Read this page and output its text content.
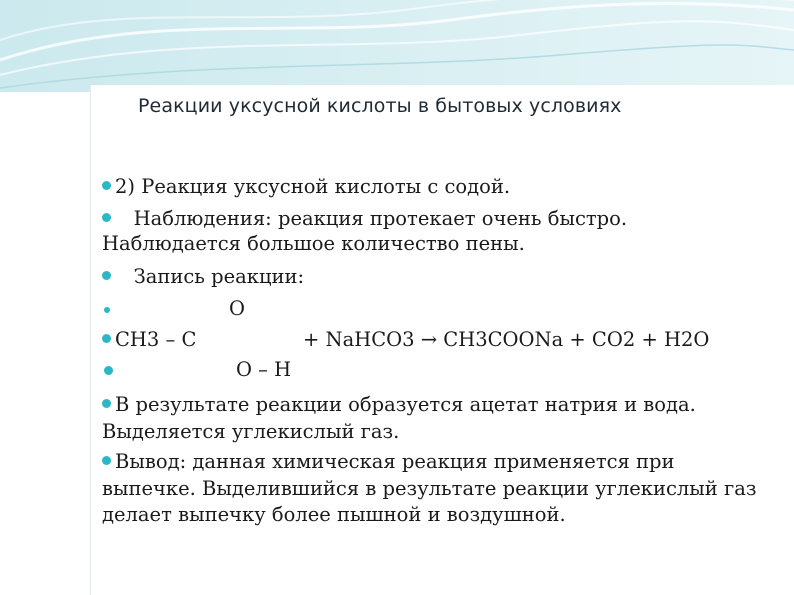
Реакции уксусной кислоты в бытовых условиях
2) Реакция уксусной кислоты с содой.
Наблюдения: реакция протекает очень быстро.
Наблюдается большое количество пены.
Запись реакции:
O
CH3 – C	+ NaHCO3 → CH3COONa + CO2 + H2O
O – H
В результате реакции образуется ацетат натрия и вода.
Выделяется углекислый газ.
Вывод: данная химическая реакция применяется при
выпечке. Выделившийся в результате реакции углекислый газ
делает выпечку более пышной и воздушной.
